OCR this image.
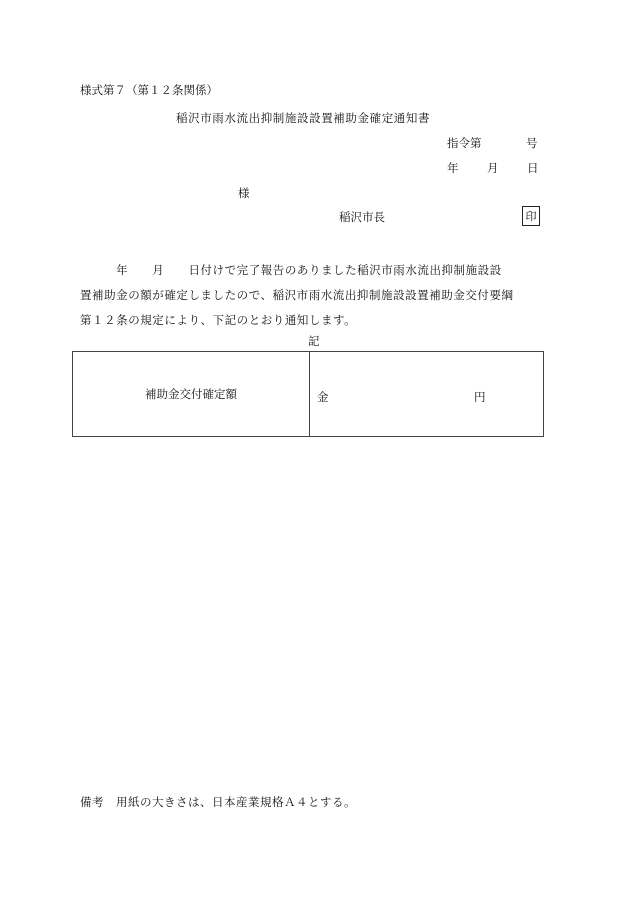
様式第７（第１２条関係）
稲沢市雨水流出抑制施設設置補助金確定通知書
指令第	号
年 月 日
様
稲沢市長	印
　　　年　　月　　日付けで完了報告のありました稲沢市雨水流出抑制施設設
置補助金の額が確定しましたので、稲沢市雨水流出抑制施設設置補助金交付要綱
第１２条の規定により、下記のとおり通知します。
記
補助金交付確定額	金	円
備考　用紙の大きさは、日本産業規格Ａ４とする。
